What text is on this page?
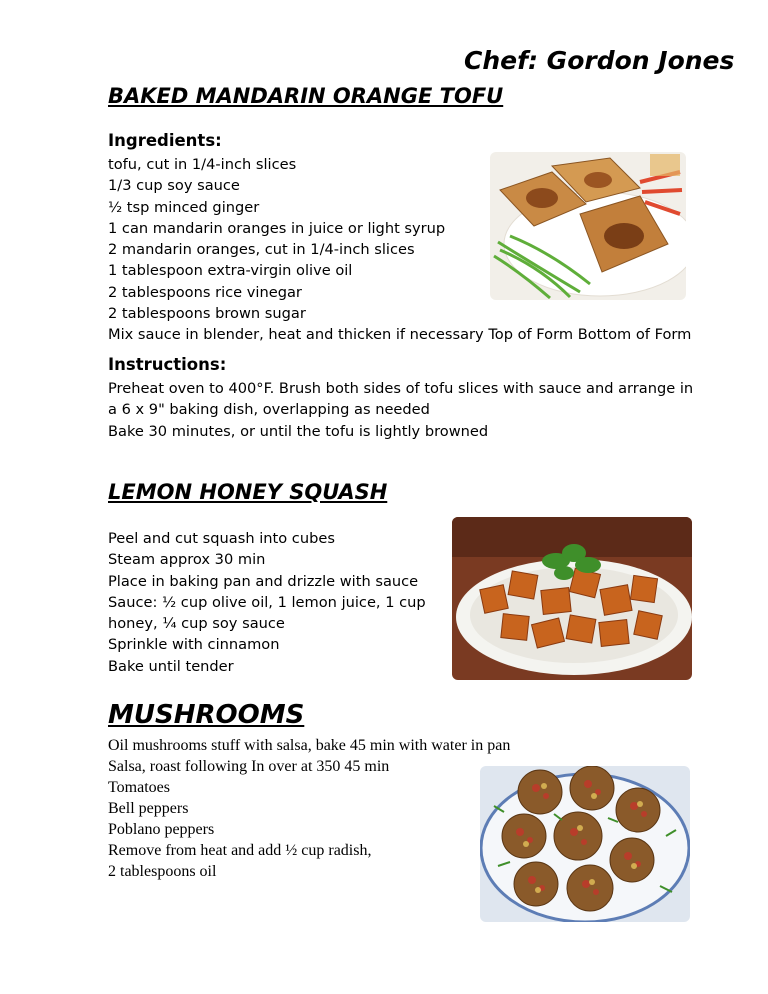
Chef: Gordon Jones
BAKED MANDARIN ORANGE TOFU
Ingredients:
tofu, cut in 1/4-inch slices
1/3 cup soy sauce
½ tsp minced ginger
1 can mandarin oranges in juice or light syrup
2 mandarin oranges, cut in 1/4-inch slices
1 tablespoon extra-virgin olive oil
2 tablespoons rice vinegar
2 tablespoons brown sugar
Mix sauce in blender, heat and thicken if necessary Top of Form Bottom of Form
Instructions:
Preheat oven to 400°F. Brush both sides of tofu slices with sauce and arrange in
a 6 x 9" baking dish, overlapping as needed
Bake 30 minutes, or until the tofu is lightly browned
LEMON HONEY SQUASH
Peel and cut squash into cubes
Steam approx 30 min
Place in baking pan and drizzle with sauce
Sauce: ½ cup olive oil, 1 lemon juice, 1 cup
honey, ¼ cup soy sauce
Sprinkle with cinnamon
Bake until tender
MUSHROOMS
Oil mushrooms stuff with salsa, bake 45 min with water in pan
Salsa, roast following In over at 350 45 min
Tomatoes
Bell peppers
Poblano peppers
Remove from heat and add ½ cup radish,
2 tablespoons oil
